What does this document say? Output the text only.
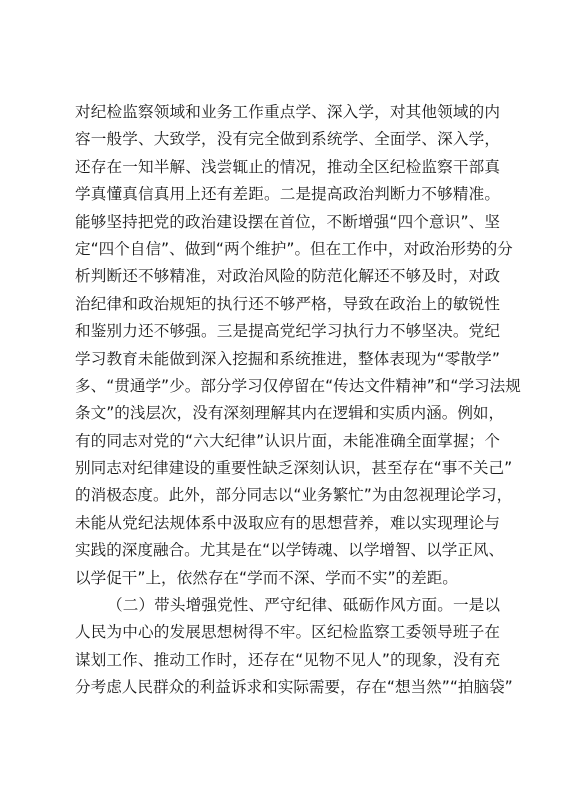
对纪检监察领域和业务工作重点学、深入学，对其他领域的内
容一般学、大致学，没有完全做到系统学、全面学、深入学，
还存在一知半解、浅尝辄止的情况，推动全区纪检监察干部真
学真懂真信真用上还有差距。二是提高政治判断力不够精准。
能够坚持把党的政治建设摆在首位，不断增强“四个意识”、坚
定“四个自信”、做到“两个维护”。但在工作中，对政治形势的分
析判断还不够精准，对政治风险的防范化解还不够及时，对政
治纪律和政治规矩的执行还不够严格，导致在政治上的敏锐性
和鉴别力还不够强。三是提高党纪学习执行力不够坚决。党纪
学习教育未能做到深入挖掘和系统推进，整体表现为“零散学”
多、“贯通学”少。部分学习仅停留在“传达文件精神”和“学习法规
条文”的浅层次，没有深刻理解其内在逻辑和实质内涵。例如，
有的同志对党的“六大纪律”认识片面，未能准确全面掌握；个
别同志对纪律建设的重要性缺乏深刻认识，甚至存在“事不关己”
的消极态度。此外，部分同志以“业务繁忙”为由忽视理论学习，
未能从党纪法规体系中汲取应有的思想营养，难以实现理论与
实践的深度融合。尤其是在“以学铸魂、以学增智、以学正风、
以学促干”上，依然存在“学而不深、学而不实”的差距。
（二）带头增强党性、严守纪律、砥砺作风方面。一是以
人民为中心的发展思想树得不牢。区纪检监察工委领导班子在
谋划工作、推动工作时，还存在“见物不见人”的现象，没有充
分考虑人民群众的利益诉求和实际需要，存在“想当然”“拍脑袋”
